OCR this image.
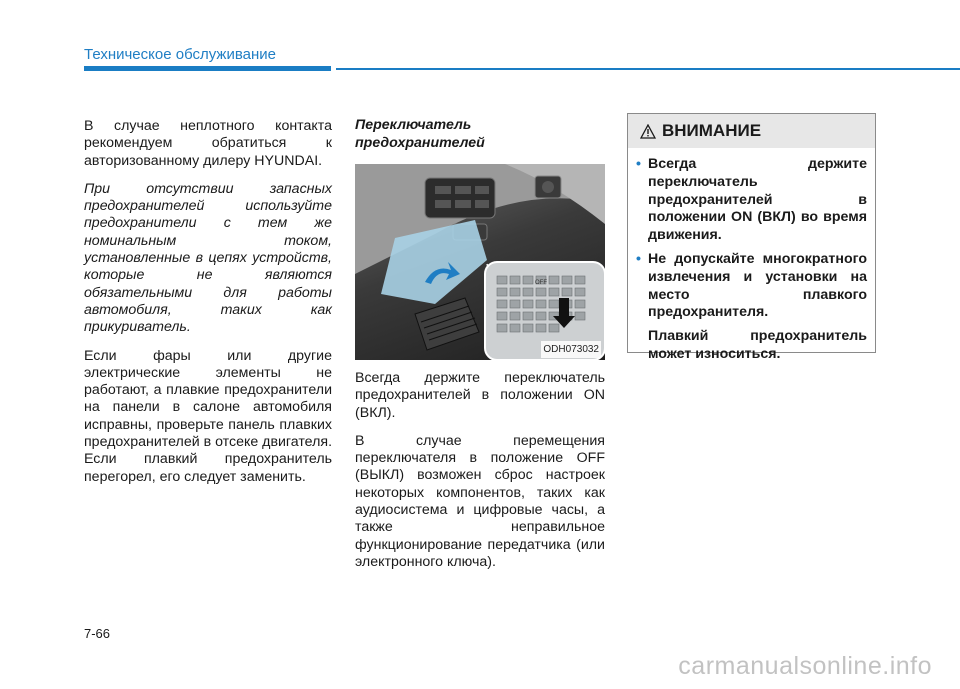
Техническое обслуживание

В случае неплотного контакта рекомендуем обратиться к авторизованному дилеру HYUNDAI.

При отсутствии запасных предохранителей используйте предохранители с тем же номинальным током, установленные в цепях устройств, которые не являются обязательными для работы автомобиля, таких как прикуриватель.

Если фары или другие электрические элементы не работают, а плавкие предохранители на панели в салоне автомобиля исправны, проверьте панель плавких предохранителей в отсеке двигателя. Если плавкий предохранитель перегорел, его следует заменить.

Переключатель предохранителей
OFF
ODH073032

Всегда держите переключатель предохранителей в положении ON (ВКЛ).

В случае перемещения переключателя в положение OFF (ВЫКЛ) возможен сброс настроек некоторых компонентов, таких как аудиосистема и цифровые часы, а также неправильное функционирование передатчика (или электронного ключа).

ВНИМАНИЕ
• Всегда держите переключатель предохранителей в положении ON (ВКЛ) во время движения.
• Не допускайте многократного извлечения и установки на место плавкого предохранителя.
Плавкий предохранитель может износиться.
7-66
carmanualsonline.info
